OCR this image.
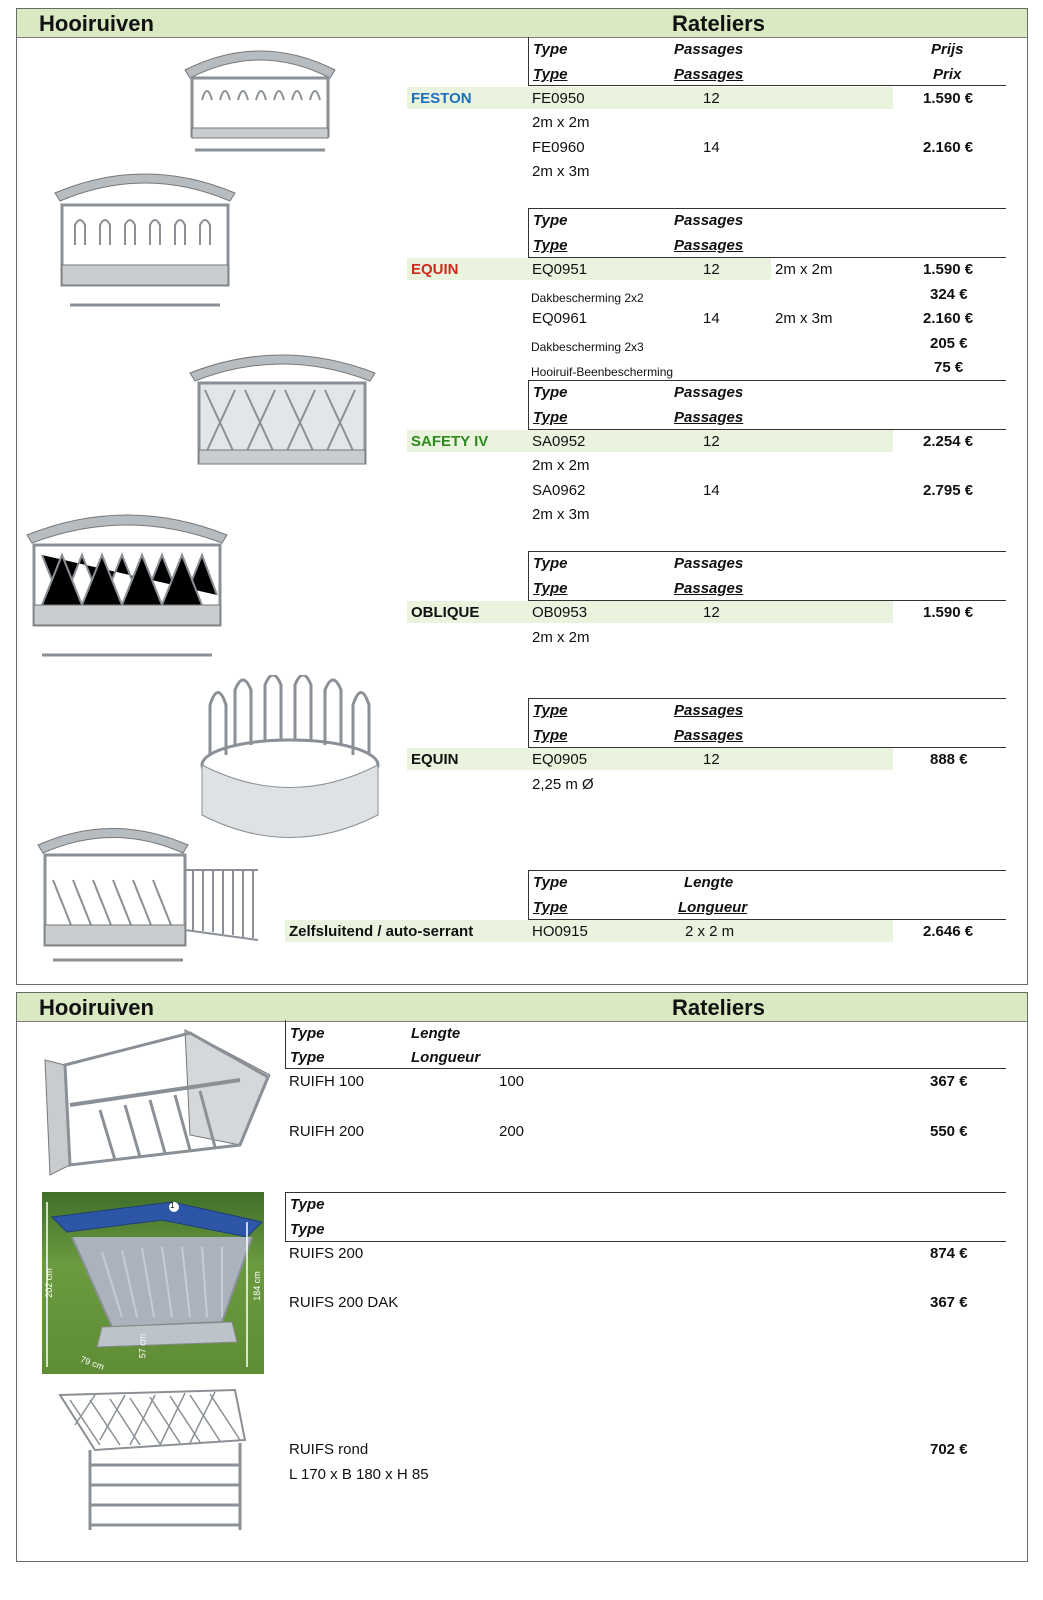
Hooiruiven	Rateliers
Type	Passages	Prijs
Type	Passages	Prix
FESTON	FE0950	12	1.590 €
2m x 2m
FE0960	14	2.160 €
2m x 3m
Type	Passages
Type	Passages
EQUIN	EQ0951	12	2m x 2m	1.590 €
Dakbescherming 2x2	324 €
EQ0961	14	2m x 3m	2.160 €
Dakbescherming 2x3	205 €
Hooiruif-Beenbescherming	75 €
Type	Passages
Type	Passages
SAFETY IV	SA0952	12	2.254 €
2m x 2m
SA0962	14	2.795 €
2m x 3m
Type	Passages
Type	Passages
OBLIQUE	OB0953	12	1.590 €
2m x 2m
Type	Passages
Type	Passages
EQUIN	EQ0905	12	888 €
2,25 m Ø
Type	Lengte
Type	Longueur
Zelfsluitend / auto-serrant	HO0915	2 x 2 m	2.646 €
Hooiruiven	Rateliers
1
202 cm	184 cm
57 cm
79 cm
Type	Lengte
Type	Longueur
RUIFH 100	100	367 €
RUIFH 200	200	550 €
Type
Type
RUIFS 200	874 €
RUIFS 200 DAK	367 €
RUIFS rond	702 €
L 170 x B 180 x H 85
